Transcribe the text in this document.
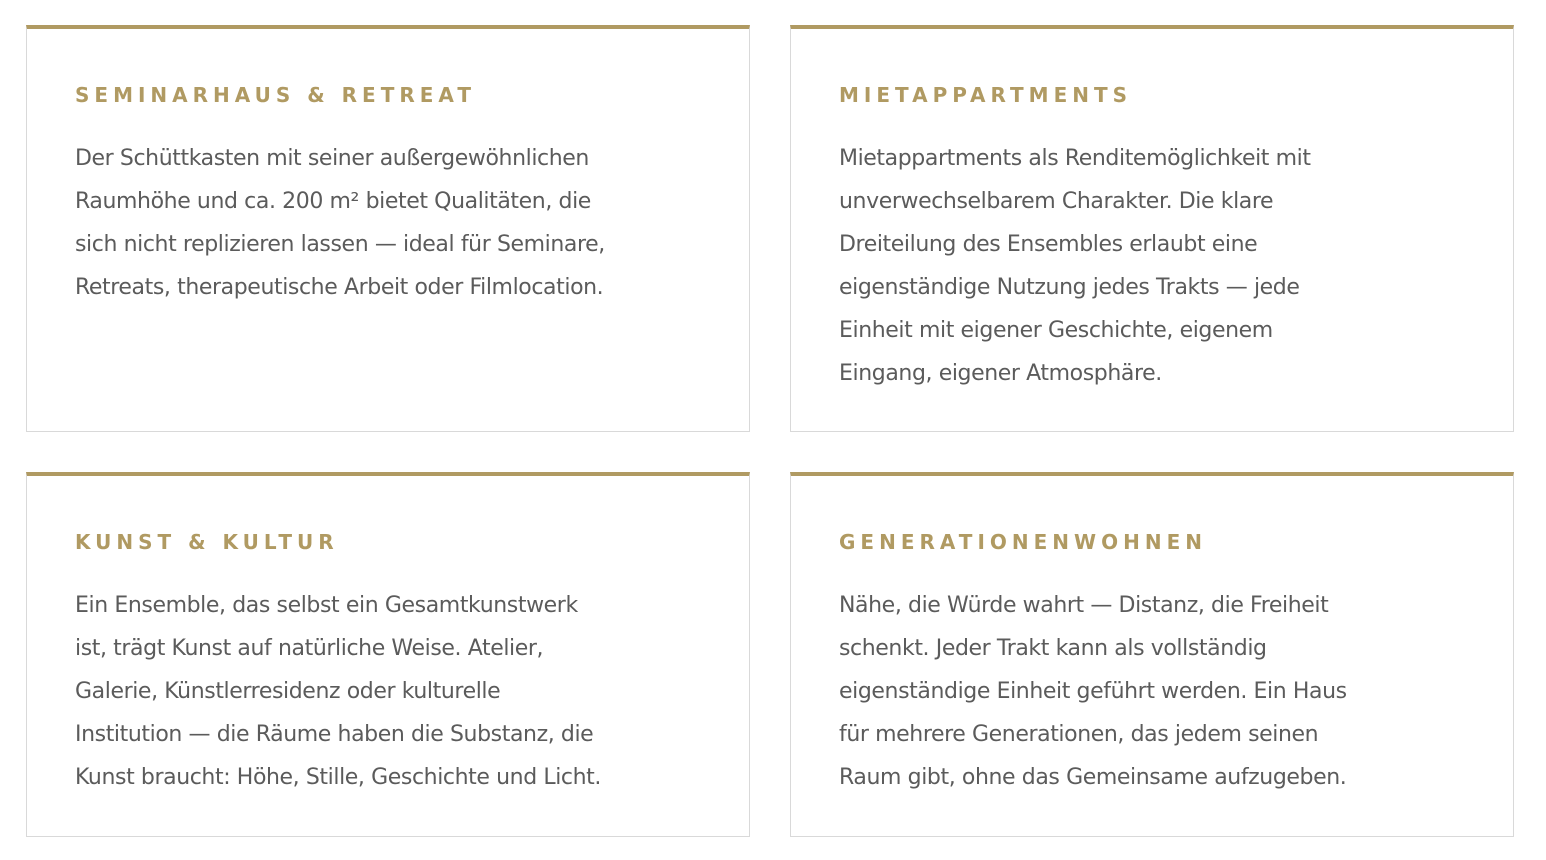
SEMINARHAUS & RETREAT
Der Schüttkasten mit seiner außergewöhnlichen
Raumhöhe und ca. 200 m² bietet Qualitäten, die
sich nicht replizieren lassen — ideal für Seminare,
Retreats, therapeutische Arbeit oder Filmlocation.
MIETAPPARTMENTS
Mietappartments als Renditemöglichkeit mit
unverwechselbarem Charakter. Die klare
Dreiteilung des Ensembles erlaubt eine
eigenständige Nutzung jedes Trakts — jede
Einheit mit eigener Geschichte, eigenem
Eingang, eigener Atmosphäre.
KUNST & KULTUR
Ein Ensemble, das selbst ein Gesamtkunstwerk
ist, trägt Kunst auf natürliche Weise. Atelier,
Galerie, Künstlerresidenz oder kulturelle
Institution — die Räume haben die Substanz, die
Kunst braucht: Höhe, Stille, Geschichte und Licht.
GENERATIONENWOHNEN
Nähe, die Würde wahrt — Distanz, die Freiheit
schenkt. Jeder Trakt kann als vollständig
eigenständige Einheit geführt werden. Ein Haus
für mehrere Generationen, das jedem seinen
Raum gibt, ohne das Gemeinsame aufzugeben.
